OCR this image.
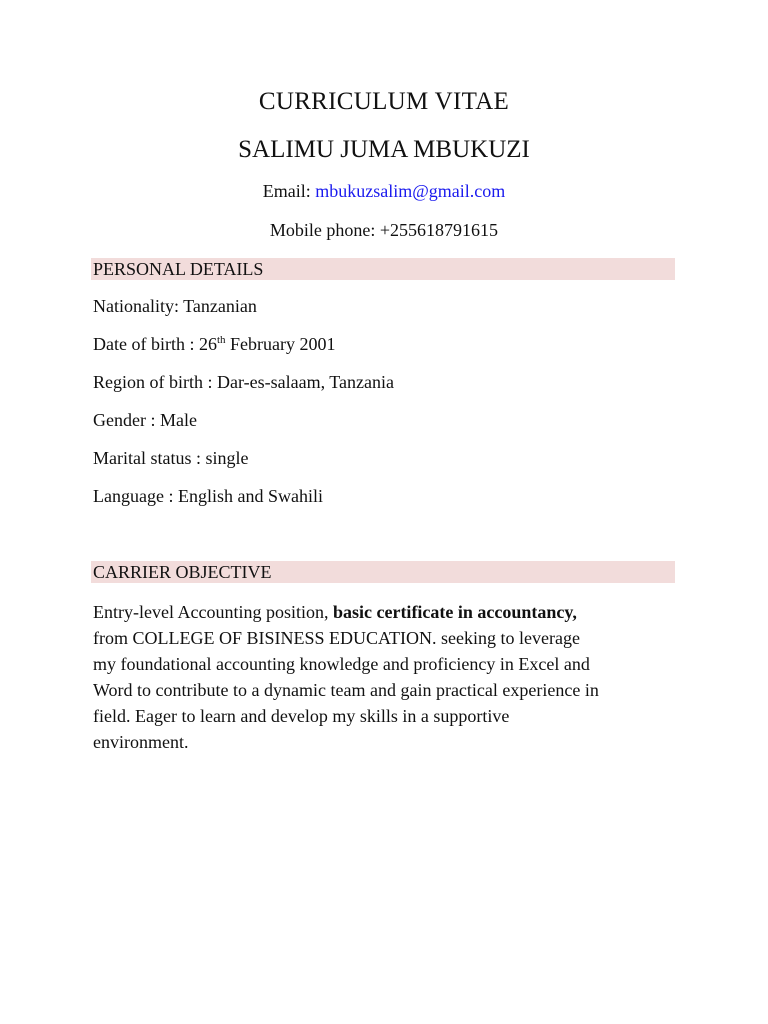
CURRICULUM VITAE
SALIMU JUMA MBUKUZI
Email: mbukuzsalim@gmail.com
Mobile phone: +255618791615
PERSONAL DETAILS
Nationality: Tanzanian
Date of birth : 26th February 2001
Region of birth : Dar-es-salaam, Tanzania
Gender : Male
Marital status : single
Language : English and Swahili
CARRIER OBJECTIVE
Entry-level Accounting position, basic certificate in accountancy,
from COLLEGE OF BISINESS EDUCATION. seeking to leverage
my foundational accounting knowledge and proficiency in Excel and
Word to contribute to a dynamic team and gain practical experience in
field. Eager to learn and develop my skills in a supportive
environment.
